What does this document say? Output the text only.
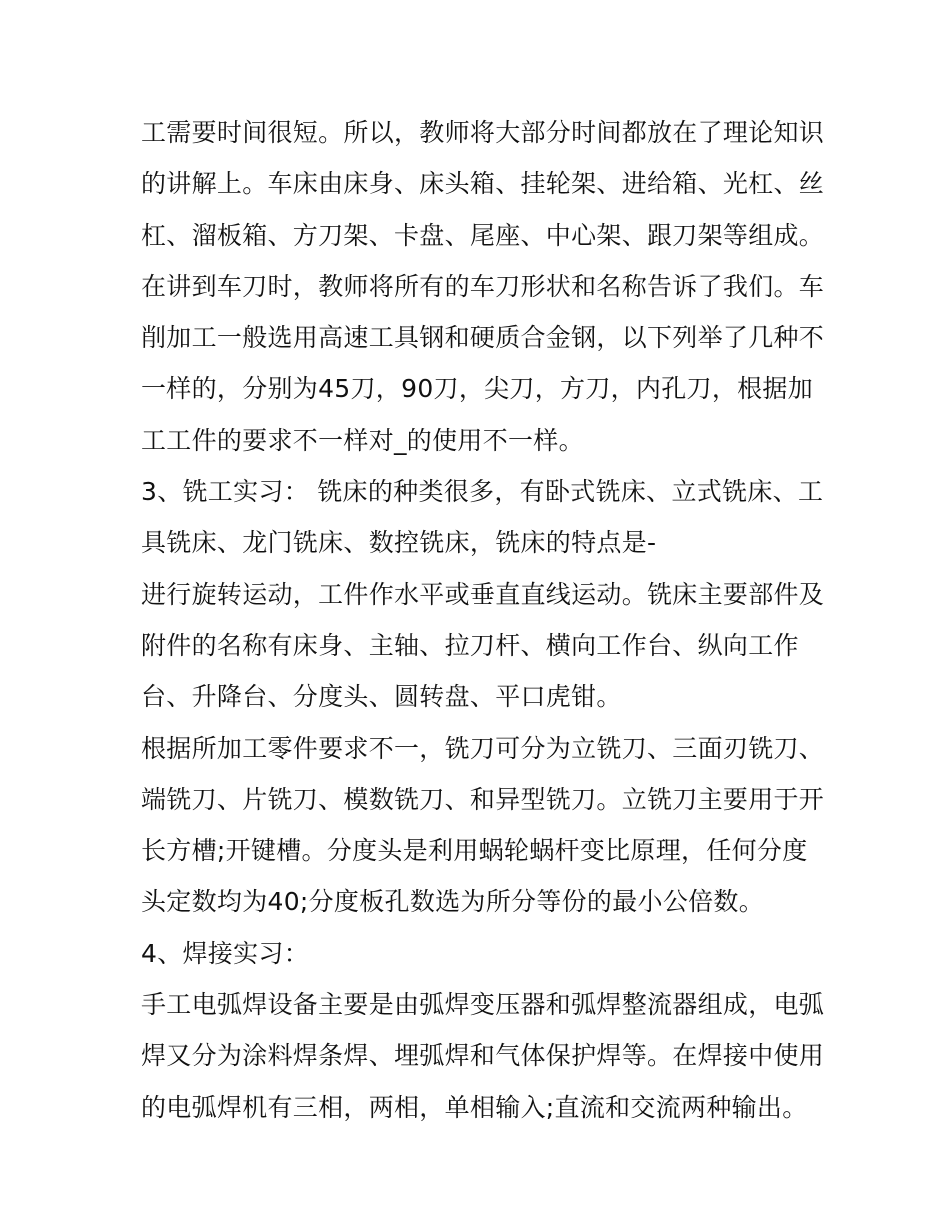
工需要时间很短。所以，教师将大部分时间都放在了理论知识
的讲解上。车床由床身、床头箱、挂轮架、进给箱、光杠、丝
杠、溜板箱、方刀架、卡盘、尾座、中心架、跟刀架等组成。
在讲到车刀时，教师将所有的车刀形状和名称告诉了我们。车
削加工一般选用高速工具钢和硬质合金钢，以下列举了几种不
一样的，分别为45刀，90刀，尖刀，方刀，内孔刀，根据加
工工件的要求不一样对_的使用不一样。
3、铣工实习： 铣床的种类很多，有卧式铣床、立式铣床、工
具铣床、龙门铣床、数控铣床，铣床的特点是-
进行旋转运动，工件作水平或垂直直线运动。铣床主要部件及
附件的名称有床身、主轴、拉刀杆、横向工作台、纵向工作
台、升降台、分度头、圆转盘、平口虎钳。
根据所加工零件要求不一，铣刀可分为立铣刀、三面刃铣刀、
端铣刀、片铣刀、模数铣刀、和异型铣刀。立铣刀主要用于开
长方槽;开键槽。分度头是利用蜗轮蜗杆变比原理，任何分度
头定数均为40;分度板孔数选为所分等份的最小公倍数。
4、焊接实习：
手工电弧焊设备主要是由弧焊变压器和弧焊整流器组成，电弧
焊又分为涂料焊条焊、埋弧焊和气体保护焊等。在焊接中使用
的电弧焊机有三相，两相，单相输入;直流和交流两种输出。
